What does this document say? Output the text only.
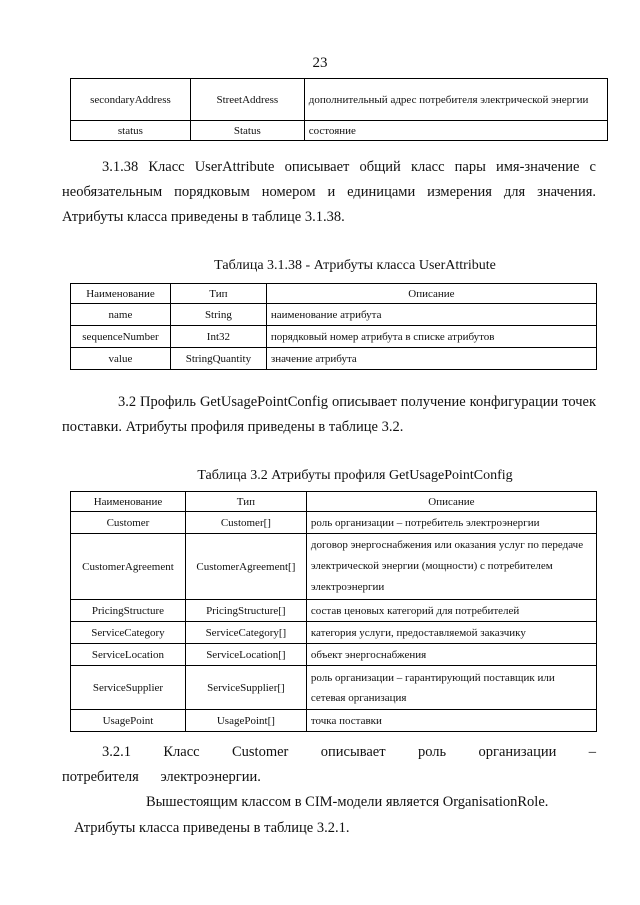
23
secondaryAddress	StreetAddress	дополнительный адрес потребителя электрической энергии
status	Status	состояние
3.1.38 Класс UserAttribute описывает общий класс пары имя-значение с необязательным порядковым номером и единицами измерения для значения. Атрибуты класса приведены в таблице 3.1.38.
Таблица 3.1.38 - Атрибуты класса UserAttribute
Наименование	Тип	Описание
name	String	наименование атрибута
sequenceNumber	Int32	порядковый номер атрибута в списке атрибутов
value	StringQuantity	значение атрибута
3.2 Профиль GetUsagePointConfig описывает получение конфигурации точек поставки. Атрибуты профиля приведены в таблице 3.2.
Таблица 3.2 Атрибуты профиля GetUsagePointConfig
Наименование	Тип	Описание
Customer	Customer[]	роль организации – потребитель электроэнергии
CustomerAgreement	CustomerAgreement[]	договор энергоснабжения или оказания услуг по передаче электрической энергии (мощности) с потребителем электроэнергии
PricingStructure	PricingStructure[]	состав ценовых категорий для потребителей
ServiceCategory	ServiceCategory[]	категория услуги, предоставляемой заказчику
ServiceLocation	ServiceLocation[]	объект энергоснабжения
ServiceSupplier	ServiceSupplier[]	роль организации – гарантирующий поставщик или сетевая организация
UsagePoint	UsagePoint[]	точка поставки
3.2.1 Класс Customer описывает роль организации – потребителя электроэнергии.
Вышестоящим классом в CIM-модели является OrganisationRole.
Атрибуты класса приведены в таблице 3.2.1.
